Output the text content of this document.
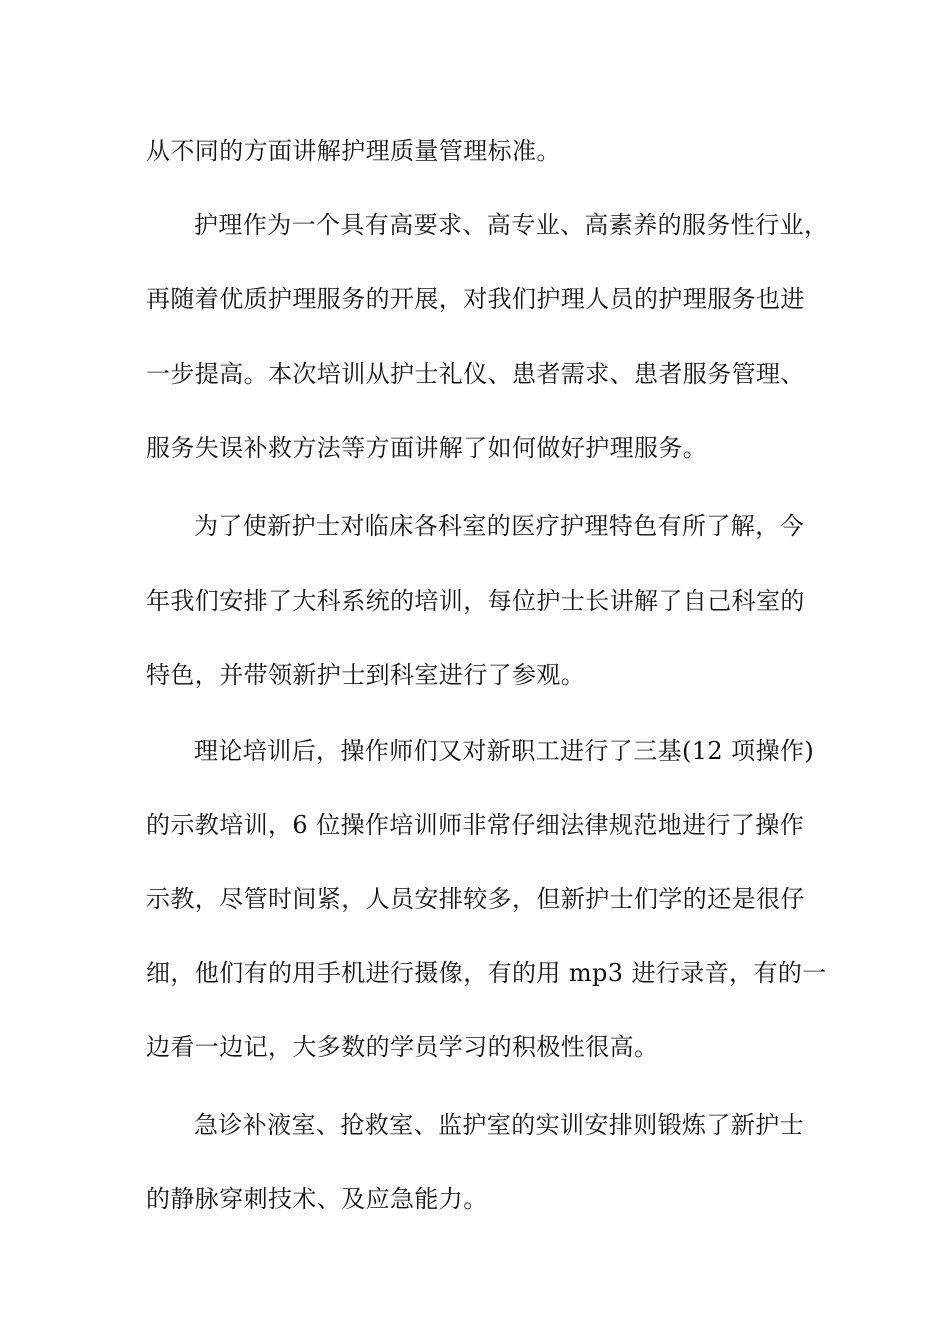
从不同的方面讲解护理质量管理标准。
护理作为一个具有高要求、高专业、高素养的服务性行业，
再随着优质护理服务的开展，对我们护理人员的护理服务也进
一步提高。本次培训从护士礼仪、患者需求、患者服务管理、
服务失误补救方法等方面讲解了如何做好护理服务。
为了使新护士对临床各科室的医疗护理特色有所了解，今
年我们安排了大科系统的培训，每位护士长讲解了自己科室的
特色，并带领新护士到科室进行了参观。
理论培训后，操作师们又对新职工进行了三基(12 项操作)
的示教培训，6 位操作培训师非常仔细法律规范地进行了操作
示教，尽管时间紧，人员安排较多，但新护士们学的还是很仔
细，他们有的用手机进行摄像，有的用 mp3 进行录音，有的一
边看一边记，大多数的学员学习的积极性很高。
急诊补液室、抢救室、监护室的实训安排则锻炼了新护士
的静脉穿刺技术、及应急能力。
